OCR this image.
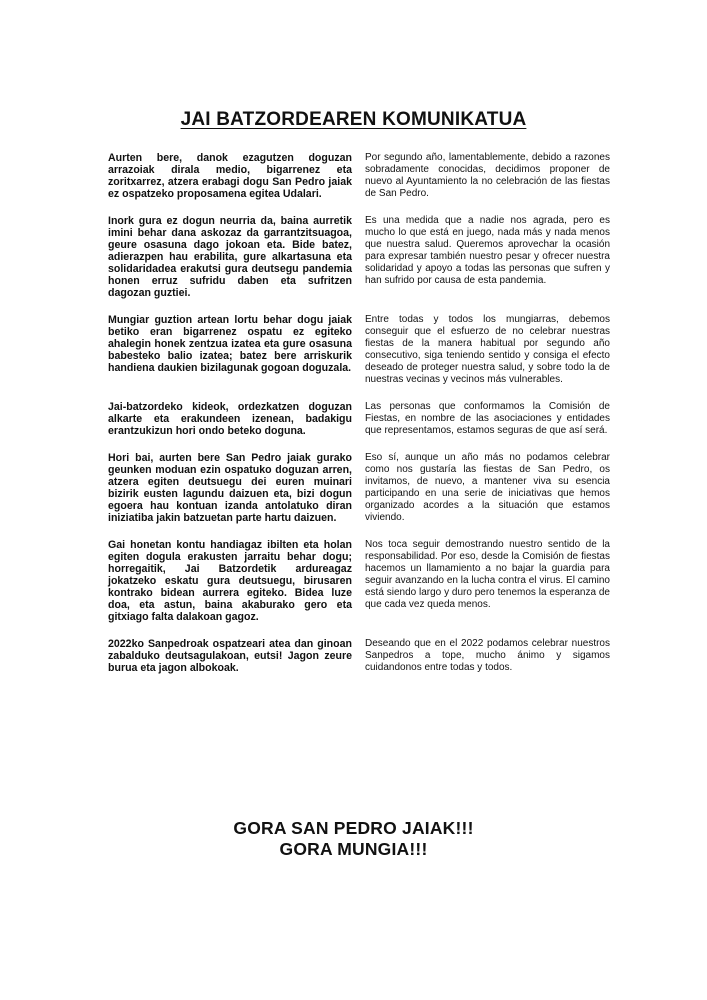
JAI BATZORDEAREN KOMUNIKATUA

Aurten bere, danok ezagutzen doguzan arrazoiak dirala medio, bigarrenez eta zoritxarrez, atzera erabagi dogu San Pedro jaiak ez ospatzeko proposamena egitea Udalari.

Por segundo año, lamentablemente, debido a razones sobradamente conocidas, decidimos proponer de nuevo al Ayuntamiento la no celebración de las fiestas de San Pedro.

Inork gura ez dogun neurria da, baina aurretik imini behar dana askozaz da garrantzitsuagoa, geure osasuna dago jokoan eta. Bide batez, adierazpen hau erabilita, gure alkartasuna eta solidaridadea erakutsi gura deutsegu pandemia honen erruz sufridu daben eta sufritzen dagozan guztiei.

Es una medida que a nadie nos agrada, pero es mucho lo que está en juego, nada más y nada menos que nuestra salud. Queremos aprovechar la ocasión para expresar también nuestro pesar y ofrecer nuestra solidaridad y apoyo a todas las personas que sufren y han sufrido por causa de esta pandemia.

Mungiar guztion artean lortu behar dogu jaiak betiko eran bigarrenez ospatu ez egiteko ahalegin honek zentzua izatea eta gure osasuna babesteko balio izatea; batez bere arriskurik handiena daukien bizilagunak gogoan doguzala.

Entre todas y todos los mungiarras, debemos conseguir que el esfuerzo de no celebrar nuestras fiestas de la manera habitual por segundo año consecutivo, siga teniendo sentido y consiga el efecto deseado de proteger nuestra salud, y sobre todo la de nuestras vecinas y vecinos más vulnerables.

Jai-batzordeko kideok, ordezkatzen doguzan alkarte eta erakundeen izenean, badakigu erantzukizun hori ondo beteko doguna.

Las personas que conformamos la Comisión de Fiestas, en nombre de las asociaciones y entidades que representamos, estamos seguras de que así será.

Hori bai, aurten bere San Pedro jaiak gurako geunken moduan ezin ospatuko doguzan arren, atzera egiten deutsuegu dei euren muinari bizirik eusten lagundu daizuen eta, bizi dogun egoera hau kontuan izanda antolatuko diran iniziatiba jakin batzuetan parte hartu daizuen.

Eso sí, aunque un año más no podamos celebrar como nos gustaría las fiestas de San Pedro, os invitamos, de nuevo, a mantener viva su esencia participando en una serie de iniciativas que hemos organizado acordes a la situación que estamos viviendo.

Gai honetan kontu handiagaz ibilten eta holan egiten dogula erakusten jarraitu behar dogu; horregaitik, Jai Batzordetik ardureagaz jokatzeko eskatu gura deutsuegu, birusaren kontrako bidean aurrera egiteko. Bidea luze doa, eta astun, baina akaburako gero eta gitxiago falta dalakoan gagoz.

Nos toca seguir demostrando nuestro sentido de la responsabilidad. Por eso, desde la Comisión de fiestas hacemos un llamamiento a no bajar la guardia para seguir avanzando en la lucha contra el virus. El camino está siendo largo y duro pero tenemos la esperanza de que cada vez queda menos.

2022ko Sanpedroak ospatzeari atea dan ginoan zabalduko deutsagulakoan, eutsi! Jagon zeure burua eta jagon albokoak.

Deseando que en el 2022 podamos celebrar nuestros Sanpedros a tope, mucho ánimo y sigamos cuidandonos entre todas y todos.

GORA SAN PEDRO JAIAK!!!
GORA MUNGIA!!!
